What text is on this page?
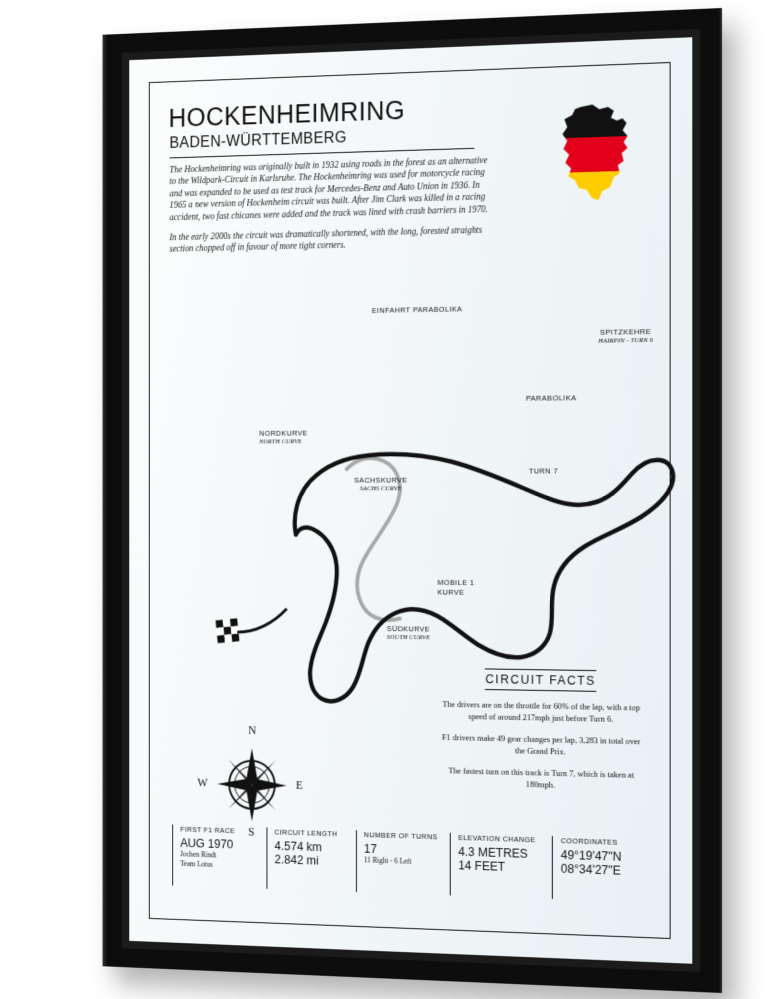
HOCKENHEIMRING
BADEN-WÜRTTEMBERG

The Hockenheimring was originally built in 1932 using roads in the forest as an alternative to the Wildpark-Circuit in Karlsruhe. The Hockenheimring was used for motorcycle racing and was expanded to be used as test track for Mercedes-Benz and Auto Union in 1936. In 1965 a new version of Hockenheim circuit was built. After Jim Clark was killed in a racing accident, two fast chicanes were added and the track was lined with crash barriers in 1970.

In the early 2000s the circuit was dramatically shortened, with the long, forested straights section chopped off in favour of more tight corners.

EINFAHRT PARABOLIKA
SPITZKEHRE
HAIRPIN - TURN 6
PARABOLIKA
NORDKURVE
NORTH CURVE
SACHSKURVE
SACHS CURVE
TURN 7
MOBILE 1
KURVE
SÜDKURVE
SOUTH CURVE
N
S
W	E
CIRCUIT FACTS
The drivers are on the throttle for 60% of the lap, with a top speed of around 217mph just before Turn 6.
F1 drivers make 49 gear changes per lap, 3,283 in total over the Grand Prix.
The fastest turn on this track is Turn 7, which is taken at 180mph.
FIRST F1 RACE
AUG 1970
Jochen Rindt
Team Lotus
CIRCUIT LENGTH
4.574 km
2.842 mi
NUMBER OF TURNS
17
11 Right - 6 Left
ELEVATION CHANGE
4.3 METRES
14 FEET
COORDINATES
49°19'47"N
08°34'27"E
